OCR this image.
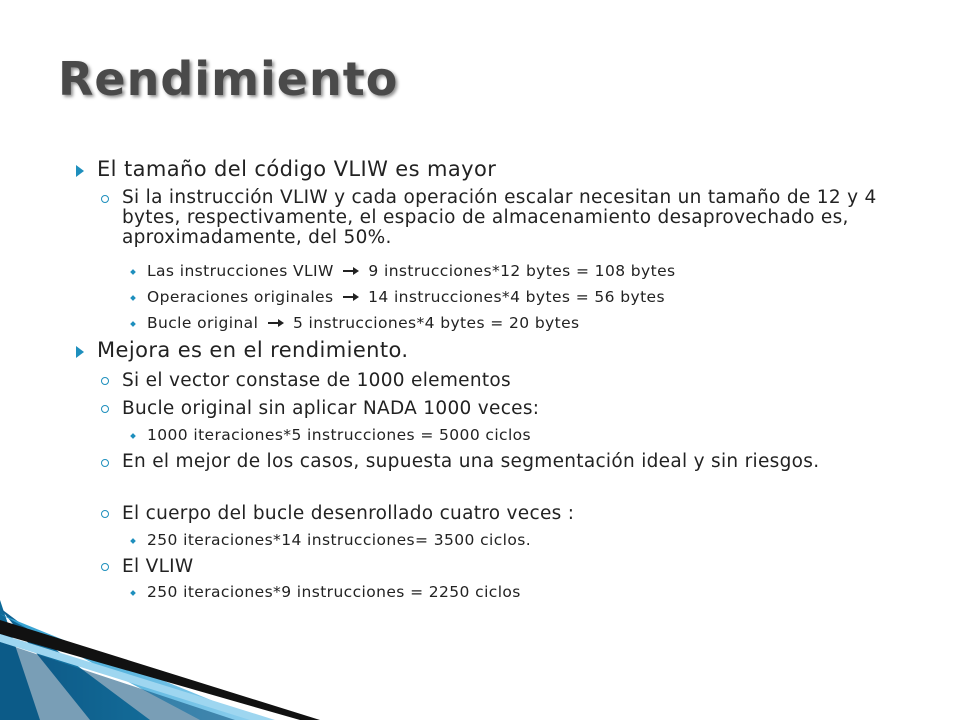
Rendimiento
El tamaño del código VLIW es mayor
Si la instrucción VLIW y cada operación escalar necesitan un tamaño de 12 y 4 bytes, respectivamente, el espacio de almacenamiento desaprovechado es, aproximadamente, del 50%.
Las instrucciones VLIW 9 instrucciones*12 bytes = 108 bytes
Operaciones originales 14 instrucciones*4 bytes = 56 bytes
Bucle original 5 instrucciones*4 bytes = 20 bytes
Mejora es en el rendimiento.
Si el vector constase de 1000 elementos
Bucle original sin aplicar NADA 1000 veces:
1000 iteraciones*5 instrucciones = 5000 ciclos
En el mejor de los casos, supuesta una segmentación ideal y sin riesgos.
El cuerpo del bucle desenrollado cuatro veces :
250 iteraciones*14 instrucciones= 3500 ciclos.
El VLIW
250 iteraciones*9 instrucciones = 2250 ciclos
